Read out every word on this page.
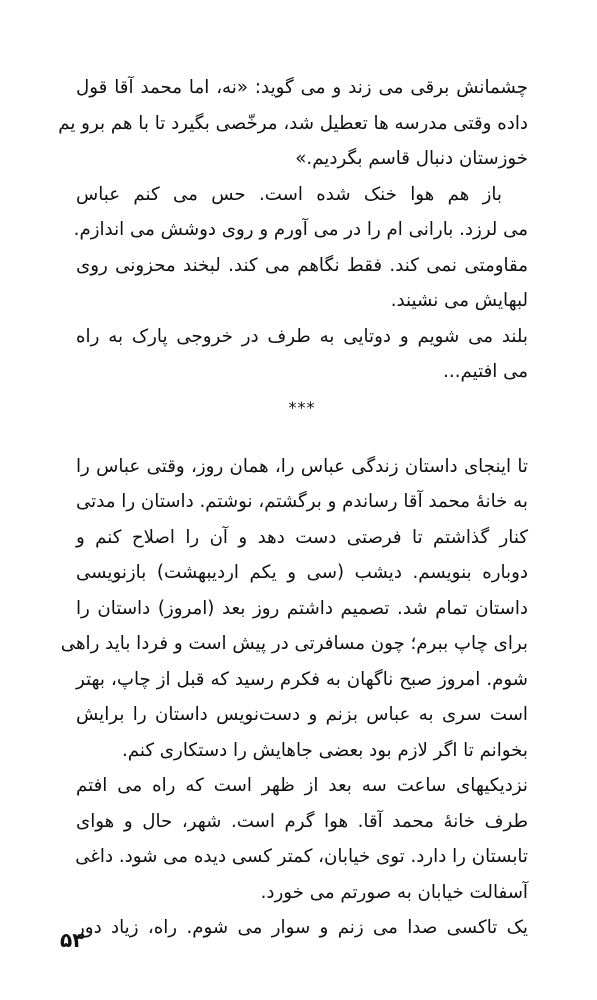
چشمانش برقی می زند و می گوید: «نه، اما محمد آقا قول
داده وقتی مدرسه ها تعطیل شد، مرخّصی بگیرد تا با هم برو یم
خوزستان دنبال قاسم بگردیم.»

باز هم هوا خنک شده است. حس می کنم عباس
می لرزد. بارانی ام را در می آورم و روی دوشش می اندازم.
مقاومتی نمی کند. فقط نگاهم می کند. لبخند محزونی روی
لبهایش می نشیند.

بلند می شویم و دوتایی به طرف در خروجی پارک به راه
می افتیم...

***

تا اینجای داستان زندگی عباس را، همان روز، وقتی عباس را
به خانهٔ محمد آقا رساندم و برگشتم، نوشتم. داستان را مدتی
کنار گذاشتم تا فرصتی دست دهد و آن را اصلاح کنم و
دوباره بنویسم. دیشب (سی و یکم اردیبهشت) بازنویسی
داستان تمام شد. تصمیم داشتم روز بعد (امروز) داستان را
برای چاپ ببرم؛ چون مسافرتی در پیش است و فردا باید راهی
شوم. امروز صبح ناگهان به فکرم رسید که قبل از چاپ، بهتر
است سری به عباس بزنم و دست‌نویس داستان را برایش
بخوانم تا اگر لازم بود بعضی جاهایش را دستکاری کنم.

نزدیکیهای ساعت سه بعد از ظهر است که راه می افتم
طرف خانهٔ محمد آقا. هوا گرم است. شهر، حال و هوای
تابستان را دارد. توی خیابان، کمتر کسی دیده می شود. داغی
آسفالت خیابان به صورتم می خورد.

یک تاکسی صدا می زنم و سوار می شوم. راه، زیاد دور

۵۳
